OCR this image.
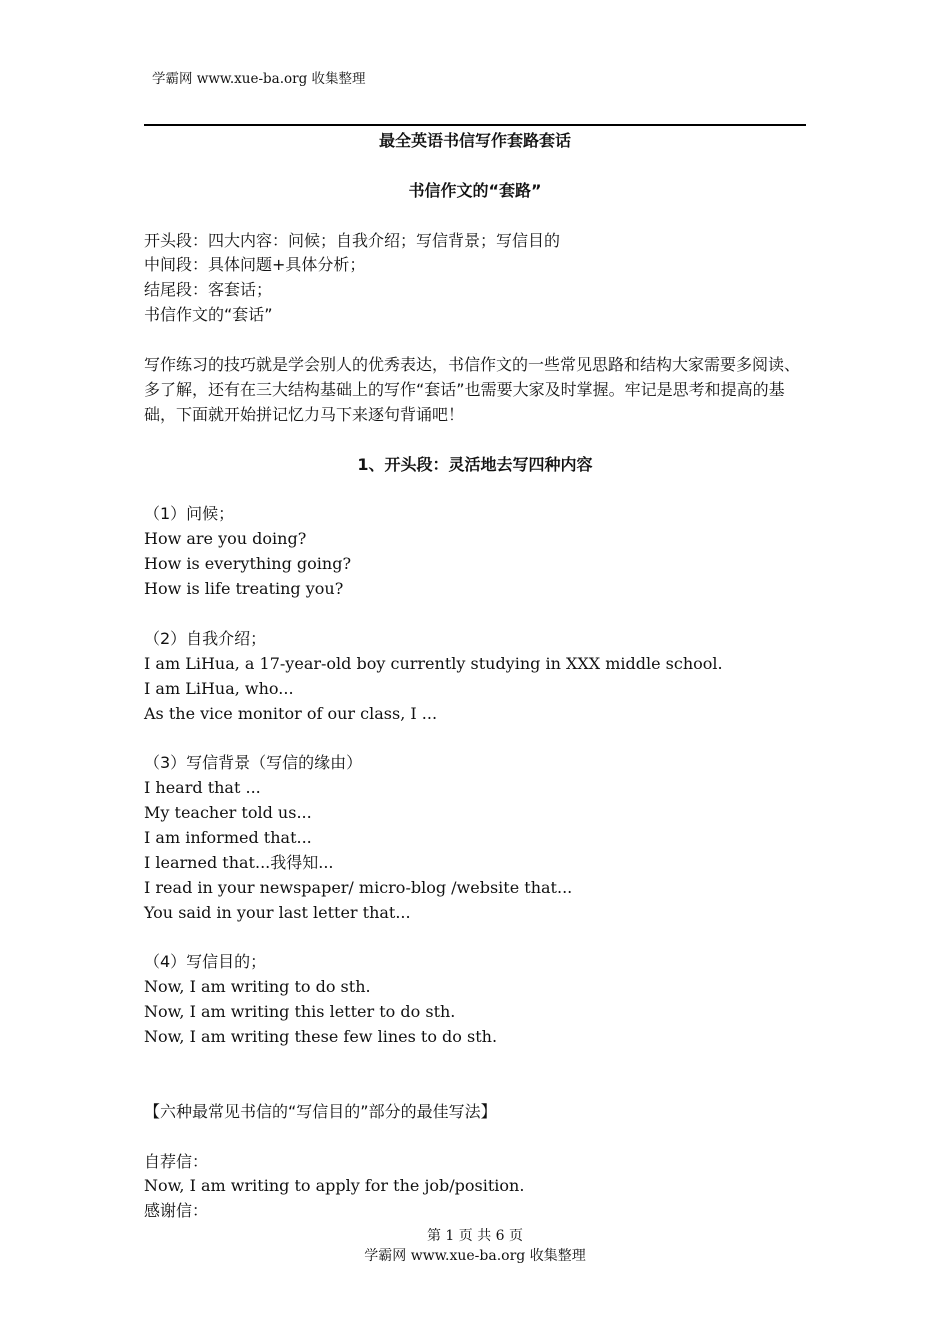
学霸网 www.xue-ba.org 收集整理
最全英语书信写作套路套话
书信作文的“套路”
开头段：四大内容：问候；自我介绍；写信背景；写信目的
中间段：具体问题+具体分析；
结尾段：客套话；
书信作文的“套话”
写作练习的技巧就是学会别人的优秀表达，书信作文的一些常见思路和结构大家需要多阅读、多了解，还有在三大结构基础上的写作“套话”也需要大家及时掌握。牢记是思考和提高的基础，下面就开始拼记忆力马下来逐句背诵吧！
1、开头段：灵活地去写四种内容
（1）问候；
How are you doing?
How is everything going?
How is life treating you?
（2）自我介绍；
I am LiHua, a 17-year-old boy currently studying in XXX middle school.
I am LiHua, who...
As the vice monitor of our class, I ...
（3）写信背景（写信的缘由）
I heard that ...
My teacher told us...
I am informed that...
I learned that...我得知...
I read in your newspaper/ micro-blog /website that...
You said in your last letter that...
（4）写信目的；
Now, I am writing to do sth.
Now, I am writing this letter to do sth.
Now, I am writing these few lines to do sth.
【六种最常见书信的“写信目的”部分的最佳写法】
自荐信：
Now, I am writing to apply for the job/position.
感谢信：
第 1 页 共 6 页
学霸网 www.xue-ba.org 收集整理
